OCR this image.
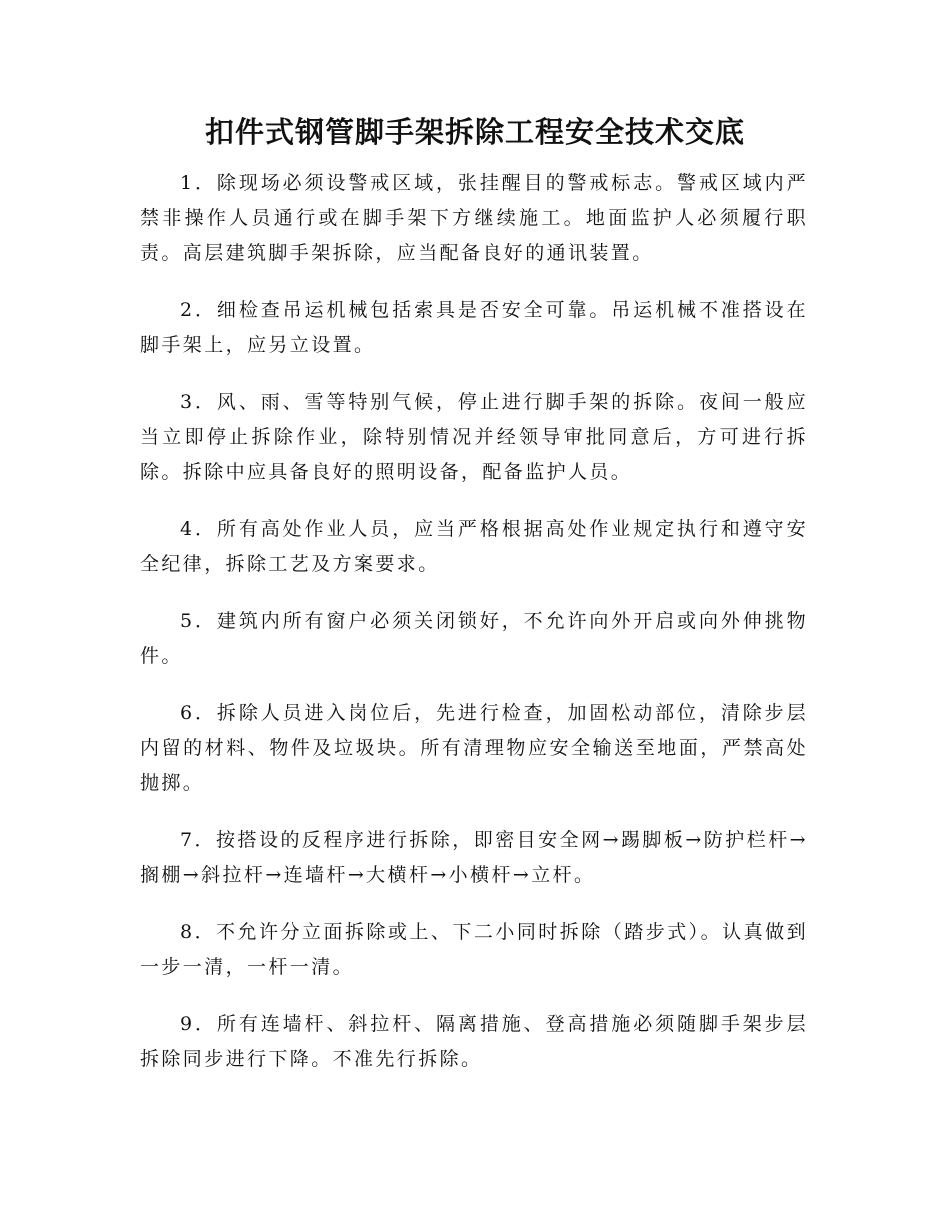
扣件式钢管脚手架拆除工程安全技术交底

1．除现场必须设警戒区域，张挂醒目的警戒标志。警戒区域内严禁非操作人员通行或在脚手架下方继续施工。地面监护人必须履行职责。高层建筑脚手架拆除，应当配备良好的通讯装置。

2．细检查吊运机械包括索具是否安全可靠。吊运机械不准搭设在脚手架上，应另立设置。

3．风、雨、雪等特别气候，停止进行脚手架的拆除。夜间一般应当立即停止拆除作业，除特别情况并经领导审批同意后，方可进行拆除。拆除中应具备良好的照明设备，配备监护人员。

4．所有高处作业人员，应当严格根据高处作业规定执行和遵守安全纪律，拆除工艺及方案要求。

5．建筑内所有窗户必须关闭锁好，不允许向外开启或向外伸挑物件。

6．拆除人员进入岗位后，先进行检查，加固松动部位，清除步层内留的材料、物件及垃圾块。所有清理物应安全输送至地面，严禁高处抛掷。

7．按搭设的反程序进行拆除，即密目安全网→踢脚板→防护栏杆→搁棚→斜拉杆→连墙杆→大横杆→小横杆→立杆。

8．不允许分立面拆除或上、下二小同时拆除（踏步式）。认真做到一步一清，一杆一清。

9．所有连墙杆、斜拉杆、隔离措施、登高措施必须随脚手架步层拆除同步进行下降。不准先行拆除。
